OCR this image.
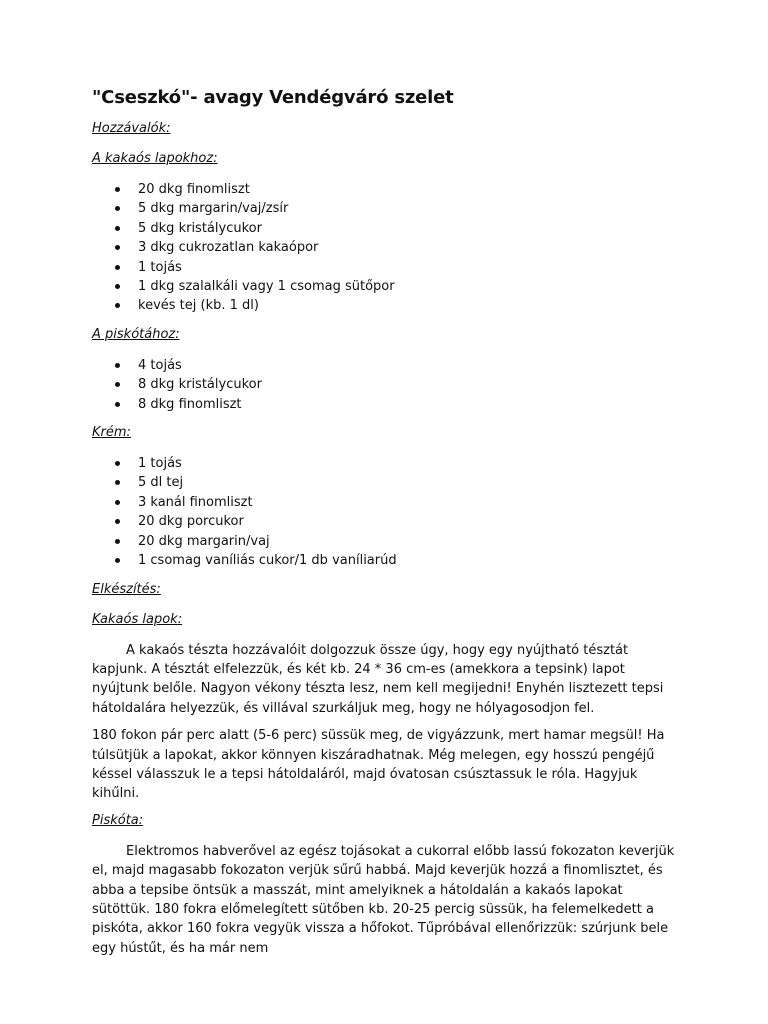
"Cseszkó"- avagy Vendégváró szelet
Hozzávalók:
A kakaós lapokhoz:
20 dkg finomliszt
5 dkg margarin/vaj/zsír
5 dkg kristálycukor
3 dkg cukrozatlan kakaópor
1 tojás
1 dkg szalalkáli vagy 1 csomag sütőpor
kevés tej (kb. 1 dl)
A piskótához:
4 tojás
8 dkg kristálycukor
8 dkg finomliszt
Krém:
1 tojás
5 dl tej
3 kanál finomliszt
20 dkg porcukor
20 dkg margarin/vaj
1 csomag vaníliás cukor/1 db vaníliarúd
Elkészítés:
Kakaós lapok:

A kakaós tészta hozzávalóit dolgozzuk össze úgy, hogy egy nyújtható tésztát kapjunk. A tésztát elfelezzük, és két kb. 24 * 36 cm-es (amekkora a tepsink) lapot nyújtunk belőle. Nagyon vékony tészta lesz, nem kell megijedni! Enyhén lisztezett tepsi hátoldalára helyezzük, és villával szurkáljuk meg, hogy ne hólyagosodjon fel.

180 fokon pár perc alatt (5-6 perc) süssük meg, de vigyázzunk, mert hamar megsül! Ha túlsütjük a lapokat, akkor könnyen kiszáradhatnak. Még melegen, egy hosszú pengéjű késsel válasszuk le a tepsi hátoldaláról, majd óvatosan csúsztassuk le róla. Hagyjuk kihűlni.

Piskóta:

Elektromos habverővel az egész tojásokat a cukorral előbb lassú fokozaton keverjük el, majd magasabb fokozaton verjük sűrű habbá. Majd keverjük hozzá a finomlisztet, és abba a tepsibe öntsük a masszát, mint amelyiknek a hátoldalán a kakaós lapokat sütöttük. 180 fokra előmelegített sütőben kb. 20-25 percig süssük, ha felemelkedett a piskóta, akkor 160 fokra vegyük vissza a hőfokot. Tűpróbával ellenőrizzük: szúrjunk bele egy hústűt, és ha már nem
